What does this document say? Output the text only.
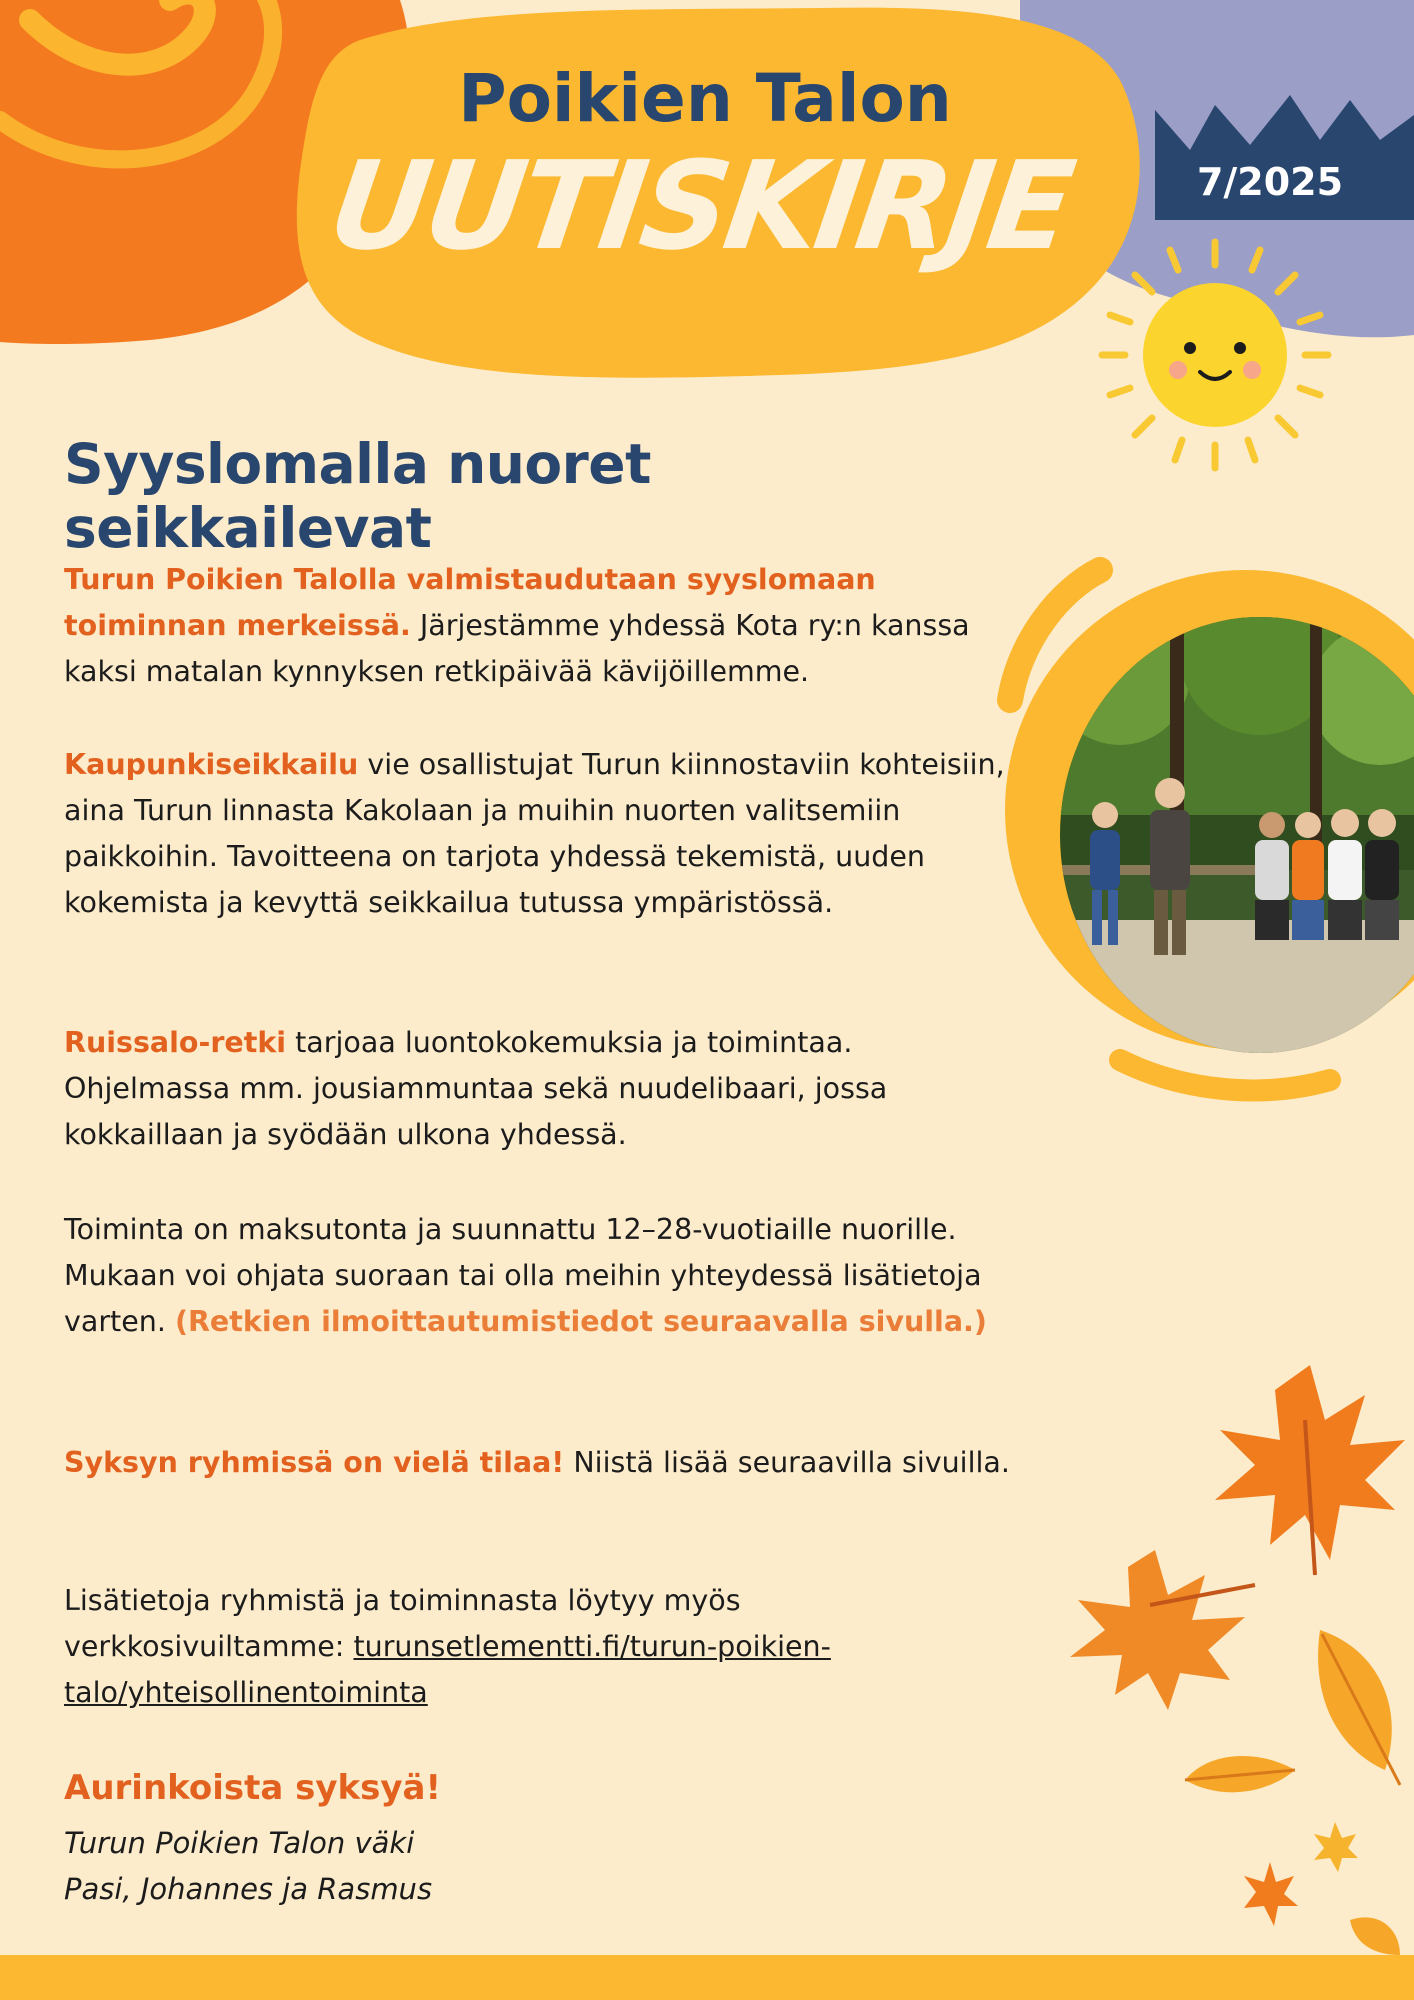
Poikien Talon
UUTISKIRJE	7/2025
Syyslomalla nuoret seikkailevat

Turun Poikien Talolla valmistaudutaan syyslomaan toiminnan merkeissä. Järjestämme yhdessä Kota ry:n kanssa kaksi matalan kynnyksen retkipäivää kävijöillemme.

Kaupunkiseikkailu vie osallistujat Turun kiinnostaviin kohteisiin, aina Turun linnasta Kakolaan ja muihin nuorten valitsemiin paikkoihin. Tavoitteena on tarjota yhdessä tekemistä, uuden kokemista ja kevyttä seikkailua tutussa ympäristössä.

Ruissalo-retki tarjoaa luontokokemuksia ja toimintaa. Ohjelmassa mm. jousiammuntaa sekä nuudelibaari, jossa kokkaillaan ja syödään ulkona yhdessä.

Toiminta on maksutonta ja suunnattu 12–28-vuotiaille nuorille. Mukaan voi ohjata suoraan tai olla meihin yhteydessä lisätietoja varten. (Retkien ilmoittautumistiedot seuraavalla sivulla.)

Syksyn ryhmissä on vielä tilaa! Niistä lisää seuraavilla sivuilla.

Lisätietoja ryhmistä ja toiminnasta löytyy myös verkkosivuiltamme: turunsetlementti.fi/turun-poikien-talo/yhteisollinentoiminta

Aurinkoista syksyä!
Turun Poikien Talon väki
Pasi, Johannes ja Rasmus
